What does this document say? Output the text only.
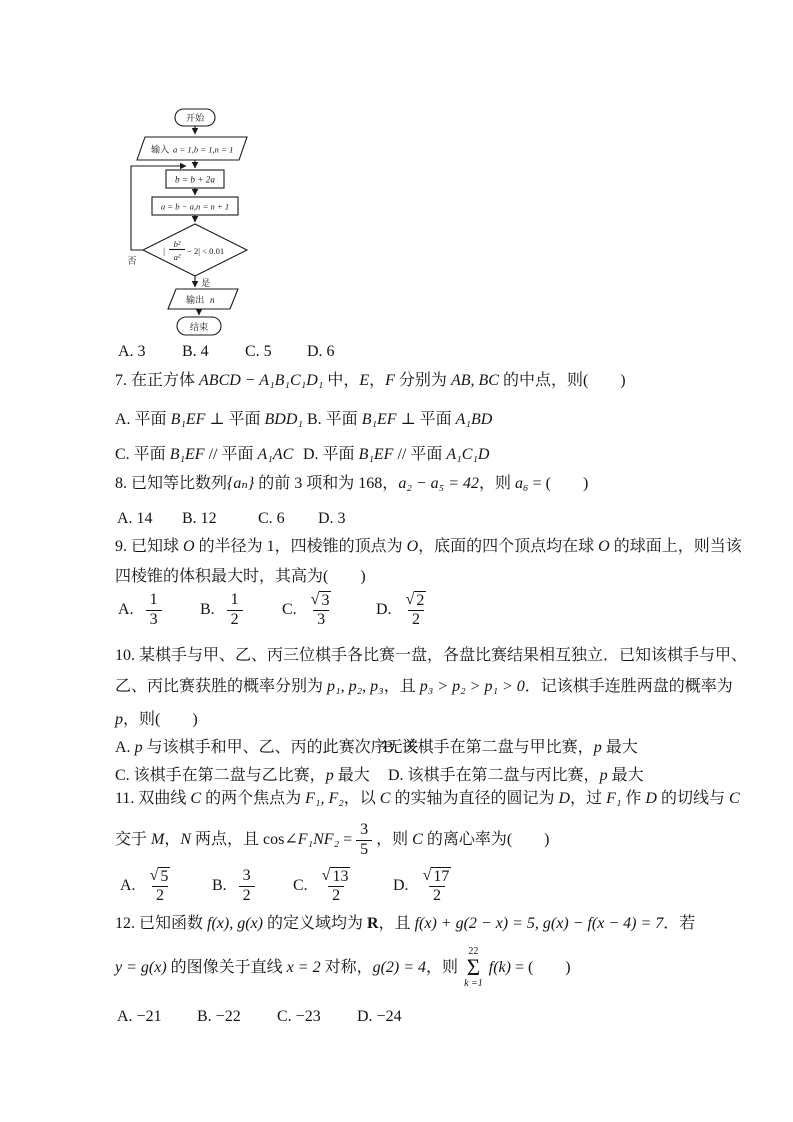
开始
输入 a = 1,b = 1,n = 1
b = b + 2a
a = b − a,n = n + 1
|
b²
a²
− 2| < 0.01
否
是
输出 n
结束
A. 3 B. 4 C. 5 D. 6
7. 在正方体 ABCD − A₁B₁C₁D₁ 中，E，F 分别为 AB, BC 的中点，则(　　)
A. 平面 B₁EF ⊥ 平面 BDD₁ B. 平面 B₁EF ⊥ 平面 A₁BD
C. 平面 B₁EF // 平面 A₁AC D. 平面 B₁EF // 平面 A₁C₁D
8. 已知等比数列{aₙ} 的前 3 项和为 168，a₂ − a₅ = 42，则 a₆ = (　　)
A. 14 B. 12	C. 6 D. 3
9. 已知球 O 的半径为 1，四棱锥的顶点为 O，底面的四个顶点均在球 O 的球面上，则当该
四棱锥的体积最大时，其高为(　　)
A. $\frac{1}{3} B$. $\frac{1}{2} C$. $\frac{√ 3}{3}$	D. $\frac{√ 2}{2}$
10. 某棋手与甲、乙、丙三位棋手各比赛一盘，各盘比赛结果相互独立．已知该棋手与甲、
乙、丙比赛获胜的概率分别为 p₁, p₂, p₃，且 p₃ > p₂ > p₁ > 0．记该棋手连胜两盘的概率为
p，则(　　)
A. p 与该棋手和甲、乙、丙的此赛次序无关
B. 该棋手在第二盘与甲比赛，p 最大
C. 该棋手在第二盘与乙比赛，p 最大 D. 该棋手在第二盘与丙比赛，p 最大
11. 双曲线 C 的两个焦点为 F₁, F₂，以 C 的实轴为直径的圆记为 D，过 F₁ 作 D 的切线与 C
交于 M，N 两点，且 cos∠F₁NF₂ = $\frac{3}{5}$ ，则 C 的离心率为(　　)
A. $\frac{√ 5}{2} B$. $\frac{3}{2} C$. $\frac{√ 13}{2}$	D. $\frac{√ 17}{2}$
12. 已知函数 f(x), g(x) 的定义域均为 R，且 f(x) + g(2 − x) = 5, g(x) − f(x − 4) = 7．若
y = g(x) 的图像关于直线 x = 2 对称，g(2) = 4，则
22
Σ
k =1
f(k) = (　　)
A. −21 B. −22 C. −23 D. −24
